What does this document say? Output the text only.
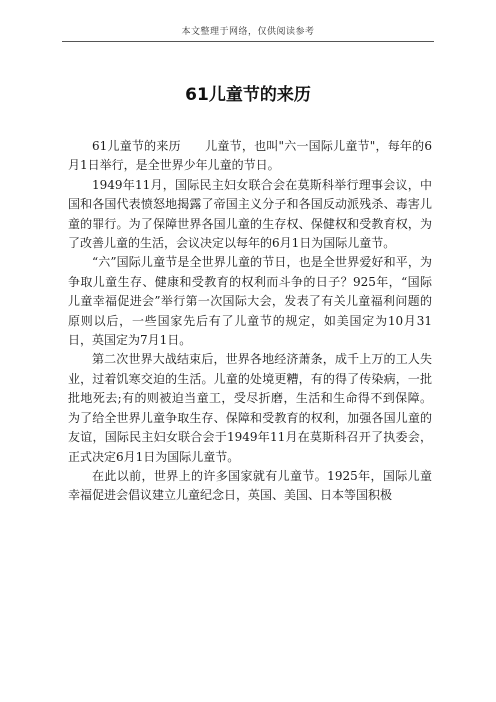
本文整理于网络，仅供阅读参考
61儿童节的来历

61儿童节的来历　　儿童节，也叫"六一国际儿童节"，每年的6月1日举行，是全世界少年儿童的节日。

1949年11月，国际民主妇女联合会在莫斯科举行理事会议，中国和各国代表愤怒地揭露了帝国主义分子和各国反动派残杀、毒害儿童的罪行。为了保障世界各国儿童的生存权、保健权和受教育权，为了改善儿童的生活，会议决定以每年的6月1日为国际儿童节。

“六”国际儿童节是全世界儿童的节日，也是全世界爱好和平，为争取儿童生存、健康和受教育的权利而斗争的日子？925年，“国际儿童幸福促进会”举行第一次国际大会，发表了有关儿童福利问题的原则以后，一些国家先后有了儿童节的规定，如美国定为10月31日，英国定为7月1日。

第二次世界大战结束后，世界各地经济萧条，成千上万的工人失业，过着饥寒交迫的生活。儿童的处境更糟，有的得了传染病，一批批地死去;有的则被迫当童工，受尽折磨，生活和生命得不到保障。为了给全世界儿童争取生存、保障和受教育的权利，加强各国儿童的友谊，国际民主妇女联合会于1949年11月在莫斯科召开了执委会，正式决定6月1日为国际儿童节。

在此以前，世界上的许多国家就有儿童节。1925年，国际儿童幸福促进会倡议建立儿童纪念日，英国、美国、日本等国积极
